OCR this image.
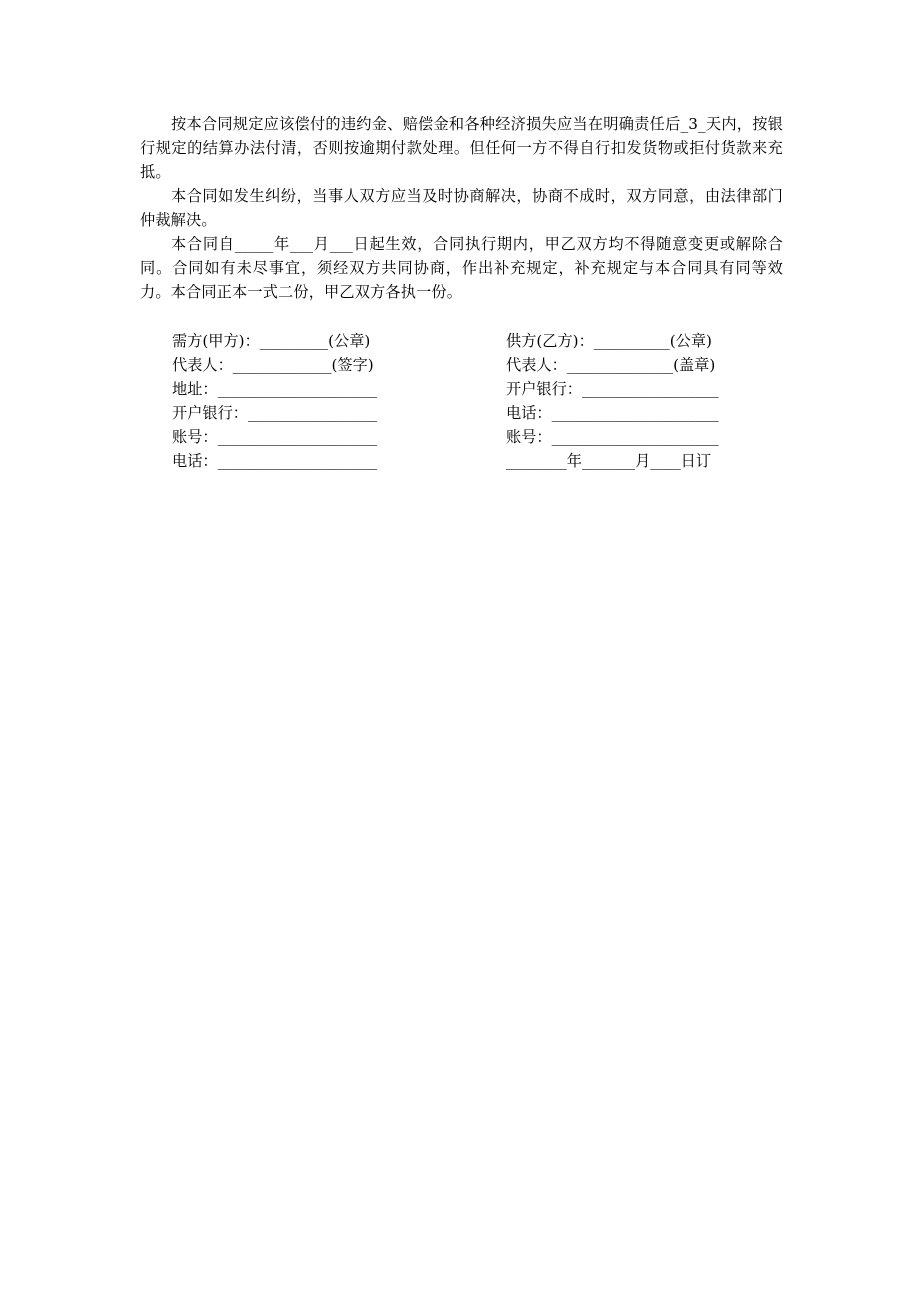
按本合同规定应该偿付的违约金、赔偿金和各种经济损失应当在明确责任后_3_天内，按银行规定的结算办法付清，否则按逾期付款处理。但任何一方不得自行扣发货物或拒付货款来充抵。

本合同如发生纠纷，当事人双方应当及时协商解决，协商不成时，双方同意，由法律部门仲裁解决。

本合同自_____年___月___日起生效，合同执行期内，甲乙双方均不得随意变更或解除合同。合同如有未尽事宜，须经双方共同协商，作出补充规定，补充规定与本合同具有同等效力。本合同正本一式二份，甲乙双方各执一份。

需方(甲方)：_________(公章)
代表人：_____________(签字)
地址：_____________________
开户银行：_________________
账号：_____________________
电话：_____________________
供方(乙方)：__________(公章)
代表人：______________(盖章)
开户银行：__________________
电话：______________________
账号：______________________
________年_______月____日订
